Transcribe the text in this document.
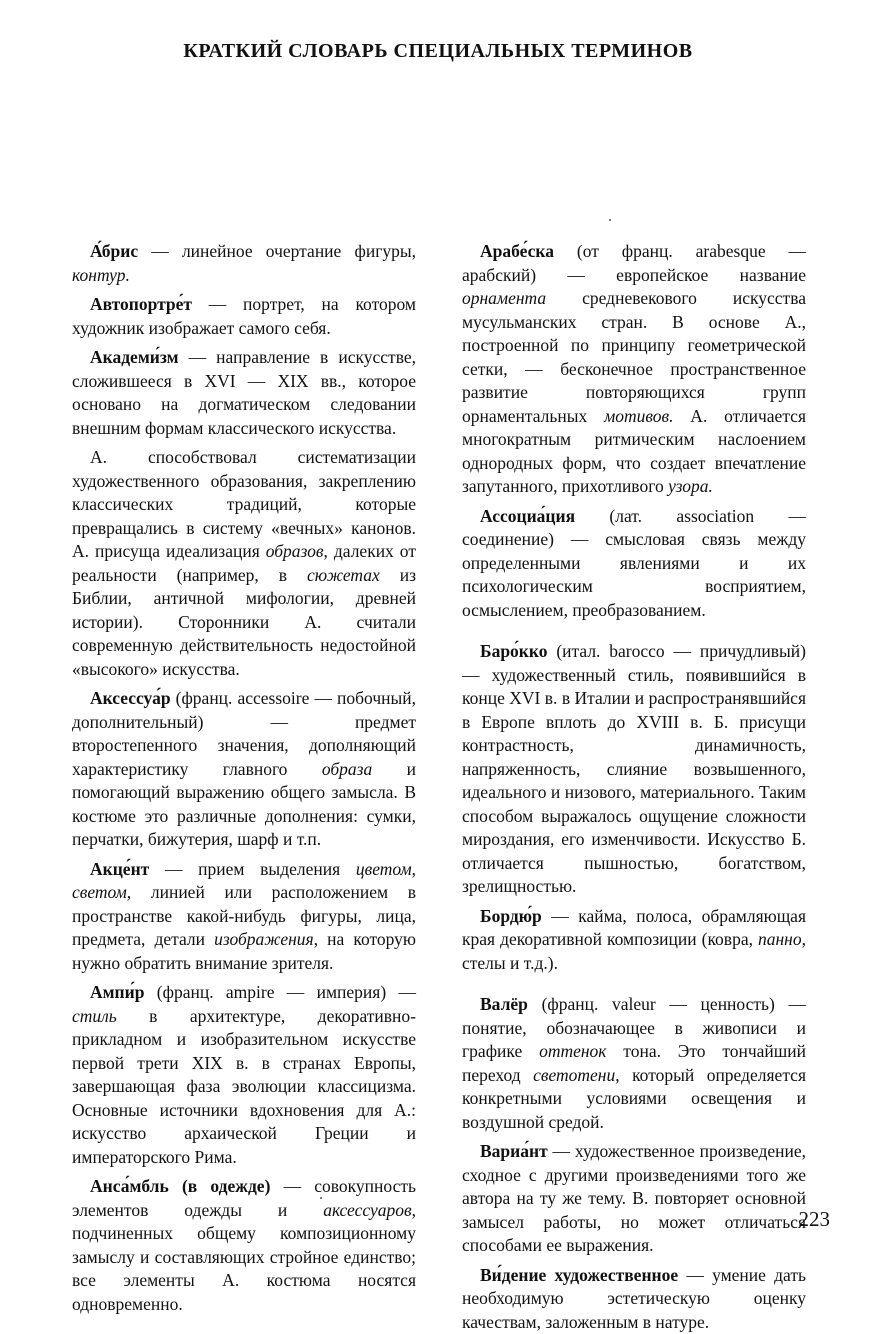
КРАТКИЙ СЛОВАРЬ СПЕЦИАЛЬНЫХ ТЕРМИНОВ

А́брис — линейное очертание фигуры, контур.

Автопортре́т — портрет, на котором художник изображает самого себя.

Академи́зм — направление в искусстве, сложившееся в XVI — XIX вв., которое основано на догматическом следовании внешним формам классического искусства.

А. способствовал систематизации художественного образования, закреплению классических традиций, которые превращались в систему «вечных» канонов. А. присуща идеализация образов, далеких от реальности (например, в сюжетах из Библии, античной мифологии, древней истории). Сторонники А. считали современную действительность недостойной «высокого» искусства.

Аксессуа́р (франц. accessoire — побочный, дополнительный) — предмет второстепенного значения, дополняющий характеристику главного образа и помогающий выражению общего замысла. В костюме это различные дополнения: сумки, перчатки, бижутерия, шарф и т.п.

Акце́нт — прием выделения цветом, светом, линией или расположением в пространстве какой-нибудь фигуры, лица, предмета, детали изображения, на которую нужно обратить внимание зрителя.

Ампи́р (франц. ampire — империя) — стиль в архитектуре, декоративно-прикладном и изобразительном искусстве первой трети XIX в. в странах Европы, завершающая фаза эволюции классицизма. Основные источники вдохновения для А.: искусство архаической Греции и императорского Рима.

Анса́мбль (в одежде) — совокупность элементов одежды и аксессуаров, подчиненных общему композиционному замыслу и составляющих стройное единство; все элементы А. костюма носятся одновременно.

Арабе́ска (от франц. arabesque — арабский) — европейское название орнамента средневекового искусства мусульманских стран. В основе А., построенной по принципу геометрической сетки, — бесконечное пространственное развитие повторяющихся групп орнаментальных мотивов. А. отличается многократным ритмическим наслоением однородных форм, что создает впечатление запутанного, прихотливого узора.

Ассоциа́ция (лат. association — соединение) — смысловая связь между определенными явлениями и их психологическим восприятием, осмыслением, преобразованием.

Баро́кко (итал. barocco — причудливый) — художественный стиль, появившийся в конце XVI в. в Италии и распространявшийся в Европе вплоть до XVIII в. Б. присущи контрастность, динамичность, напряженность, слияние возвышенного, идеального и низового, материального. Таким способом выражалось ощущение сложности мироздания, его изменчивости. Искусство Б. отличается пышностью, богатством, зрелищностью.

Бордю́р — кайма, полоса, обрамляющая края декоративной композиции (ковра, панно, стелы и т.д.).

Валёр (франц. valeur — ценность) — понятие, обозначающее в живописи и графике оттенок тона. Это тончайший переход светотени, который определяется конкретными условиями освещения и воздушной средой.

Вариа́нт — художественное произведение, сходное с другими произведениями того же автора на ту же тему. В. повторяет основной замысел работы, но может отличаться способами ее выражения.

Ви́дение художественное — умение дать необходимую эстетическую оценку качествам, заложенным в натуре.

223
